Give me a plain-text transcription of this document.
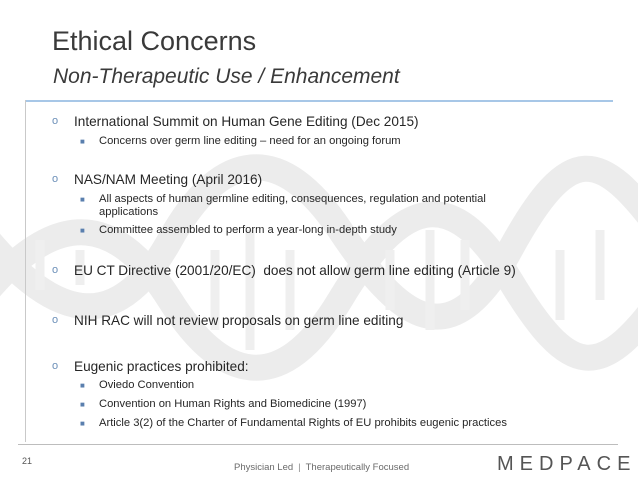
Ethical Concerns
Non-Therapeutic Use / Enhancement
o International Summit on Human Gene Editing (Dec 2015)
■ Concerns over germ line editing – need for an ongoing forum
o NAS/NAM Meeting (April 2016)
■ All aspects of human germline editing, consequences, regulation and potential applications
■ Committee assembled to perform a year-long in-depth study
o EU CT Directive (2001/20/EC)  does not allow germ line editing (Article 9)
o NIH RAC will not review proposals on germ line editing
o Eugenic practices prohibited:
■ Oviedo Convention
■ Convention on Human Rights and Biomedicine (1997)
■ Article 3(2) of the Charter of Fundamental Rights of EU prohibits eugenic practices
21
Physician Led | Therapeutically Focused	MEDPACE
